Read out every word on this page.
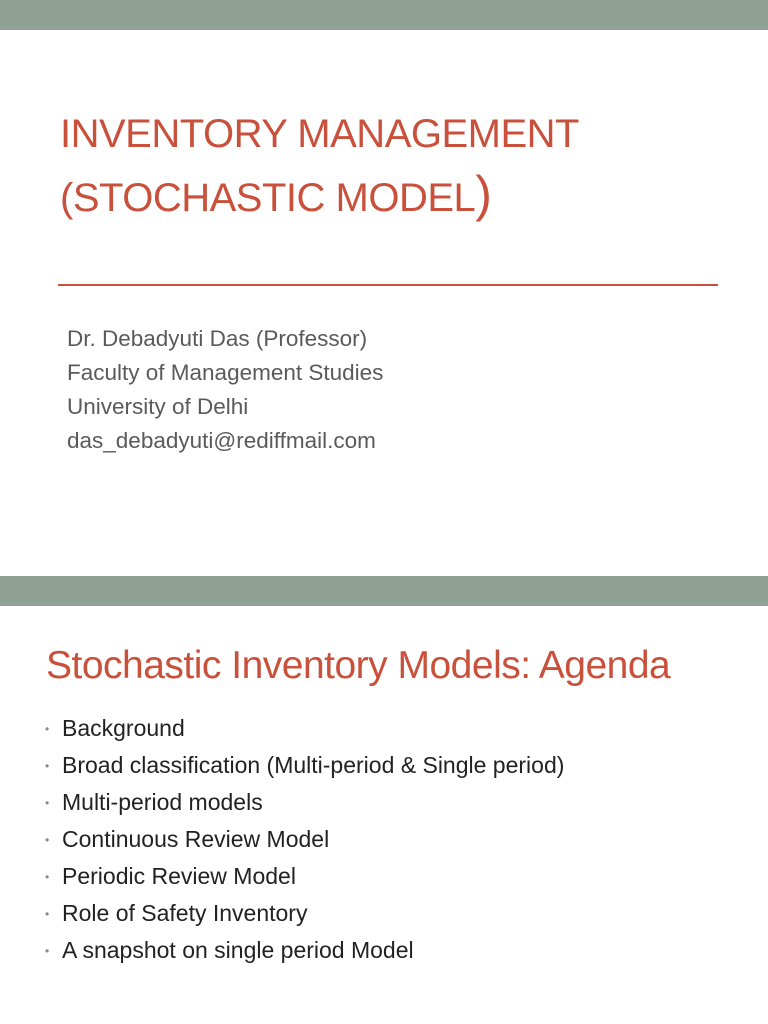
INVENTORY MANAGEMENT
(STOCHASTIC MODEL)
Dr. Debadyuti Das (Professor)
Faculty of Management Studies
University of Delhi
das_debadyuti@rediffmail.com
Stochastic Inventory Models: Agenda
• Background
• Broad classification (Multi-period & Single period)
• Multi-period models
• Continuous Review Model
• Periodic Review Model
• Role of Safety Inventory
• A snapshot on single period Model
